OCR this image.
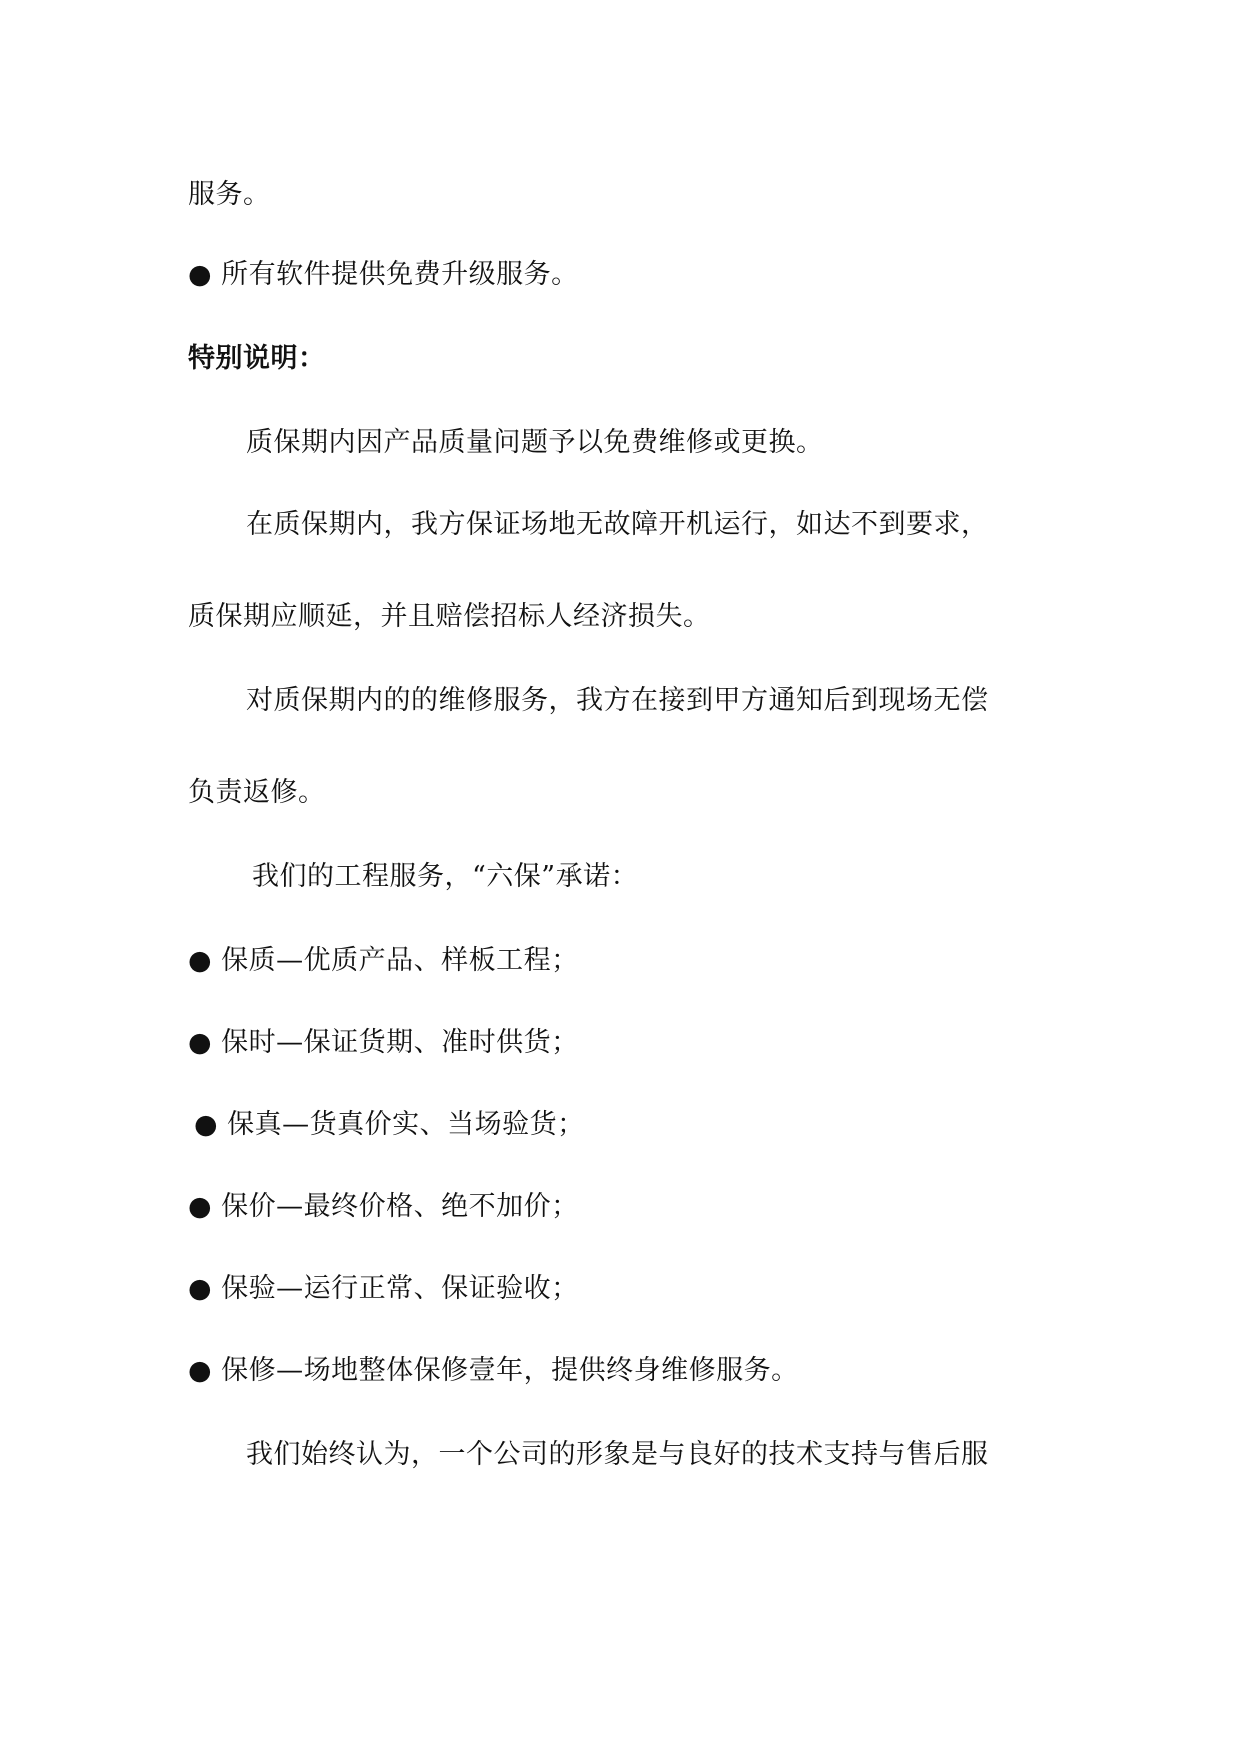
服务。
● 所有软件提供免费升级服务。
特别说明：
质保期内因产品质量问题予以免费维修或更换。
在质保期内，我方保证场地无故障开机运行，如达不到要求，
质保期应顺延，并且赔偿招标人经济损失。
对质保期内的的维修服务，我方在接到甲方通知后到现场无偿
负责返修。
我们的工程服务，“六保”承诺：
● 保质—优质产品、样板工程；
● 保时—保证货期、准时供货；
● 保真—货真价实、当场验货；
● 保价—最终价格、绝不加价；
● 保验—运行正常、保证验收；
● 保修—场地整体保修壹年，提供终身维修服务。
我们始终认为，一个公司的形象是与良好的技术支持与售后服
